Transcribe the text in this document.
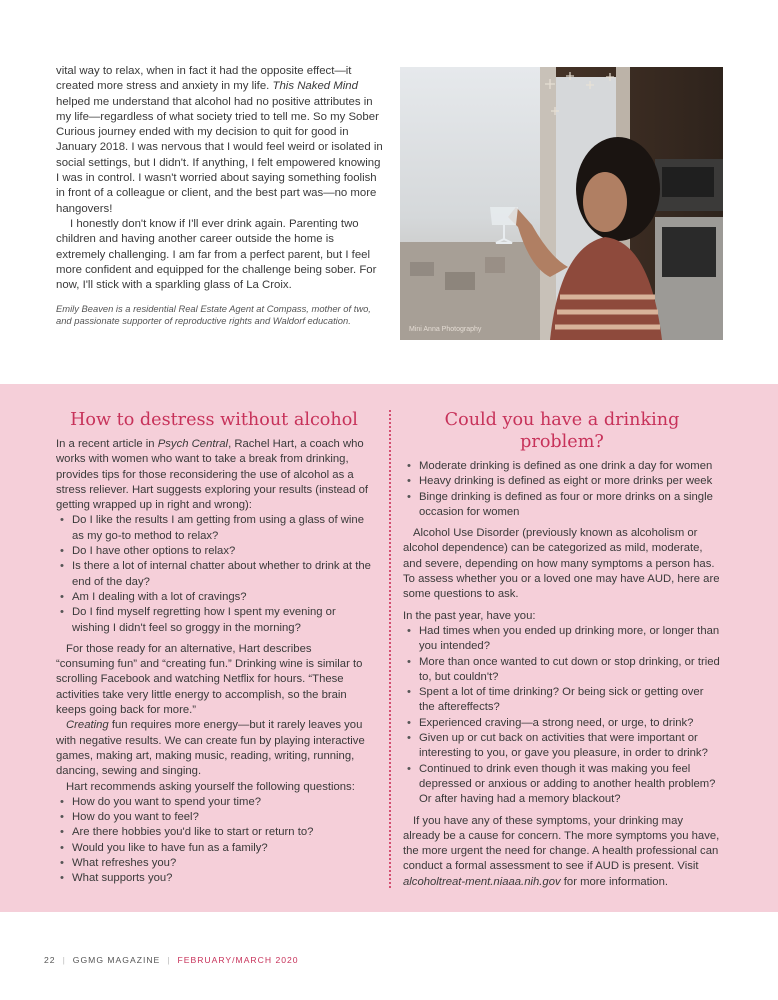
vital way to relax, when in fact it had the opposite effect—it created more stress and anxiety in my life. This Naked Mind helped me understand that alcohol had no positive attributes in my life—regardless of what society tried to tell me. So my Sober Curious journey ended with my decision to quit for good in January 2018. I was nervous that I would feel weird or isolated in social settings, but I didn't. If anything, I felt empowered knowing I was in control. I wasn't worried about saying something foolish in front of a colleague or client, and the best part was—no more hangovers!

I honestly don't know if I'll ever drink again. Parenting two children and having another career outside the home is extremely challenging. I am far from a perfect parent, but I feel more confident and equipped for the challenge being sober. For now, I'll stick with a sparkling glass of La Croix.

Emily Beaven is a residential Real Estate Agent at Compass, mother of two, and passionate supporter of reproductive rights and Waldorf education.
Mini Anna Photography
How to destress without alcohol

In a recent article in Psych Central, Rachel Hart, a coach who works with women who want to take a break from drinking, provides tips for those reconsidering the use of alcohol as a stress reliever. Hart suggests exploring your results (instead of getting wrapped up in right and wrong):

• Do I like the results I am getting from using a glass of wine as my go-to method to relax?
• Do I have other options to relax?
• Is there a lot of internal chatter about whether to drink at the end of the day?
• Am I dealing with a lot of cravings?
• Do I find myself regretting how I spent my evening or wishing I didn't feel so groggy in the morning?

For those ready for an alternative, Hart describes “consuming fun” and “creating fun.” Drinking wine is similar to scrolling Facebook and watching Netflix for hours. “These activities take very little energy to accomplish, so the brain keeps going back for more.”

Creating fun requires more energy—but it rarely leaves you with negative results. We can create fun by playing interactive games, making art, making music, reading, writing, running, dancing, sewing and singing.

Hart recommends asking yourself the following questions:

• How do you want to spend your time?
• How do you want to feel?
• Are there hobbies you'd like to start or return to?
• Would you like to have fun as a family?
• What refreshes you?
• What supports you?
Could you have a drinking problem?
• Moderate drinking is defined as one drink a day for women
• Heavy drinking is defined as eight or more drinks per week
• Binge drinking is defined as four or more drinks on a single occasion for women

Alcohol Use Disorder (previously known as alcoholism or alcohol dependence) can be categorized as mild, moderate, and severe, depending on how many symptoms a person has. To assess whether you or a loved one may have AUD, here are some questions to ask.

In the past year, have you:

• Had times when you ended up drinking more, or longer than you intended?
• More than once wanted to cut down or stop drinking, or tried to, but couldn't?
• Spent a lot of time drinking? Or being sick or getting over the aftereffects?
• Experienced craving—a strong need, or urge, to drink?
• Given up or cut back on activities that were important or interesting to you, or gave you pleasure, in order to drink?
• Continued to drink even though it was making you feel depressed or anxious or adding to another health problem? Or after having had a memory blackout?

If you have any of these symptoms, your drinking may already be a cause for concern. The more symptoms you have, the more urgent the need for change. A health professional can conduct a formal assessment to see if AUD is present. Visit alcoholtreat-ment.niaaa.nih.gov for more information.

22 | GGMG MAGAZINE | FEBRUARY/MARCH 2020
